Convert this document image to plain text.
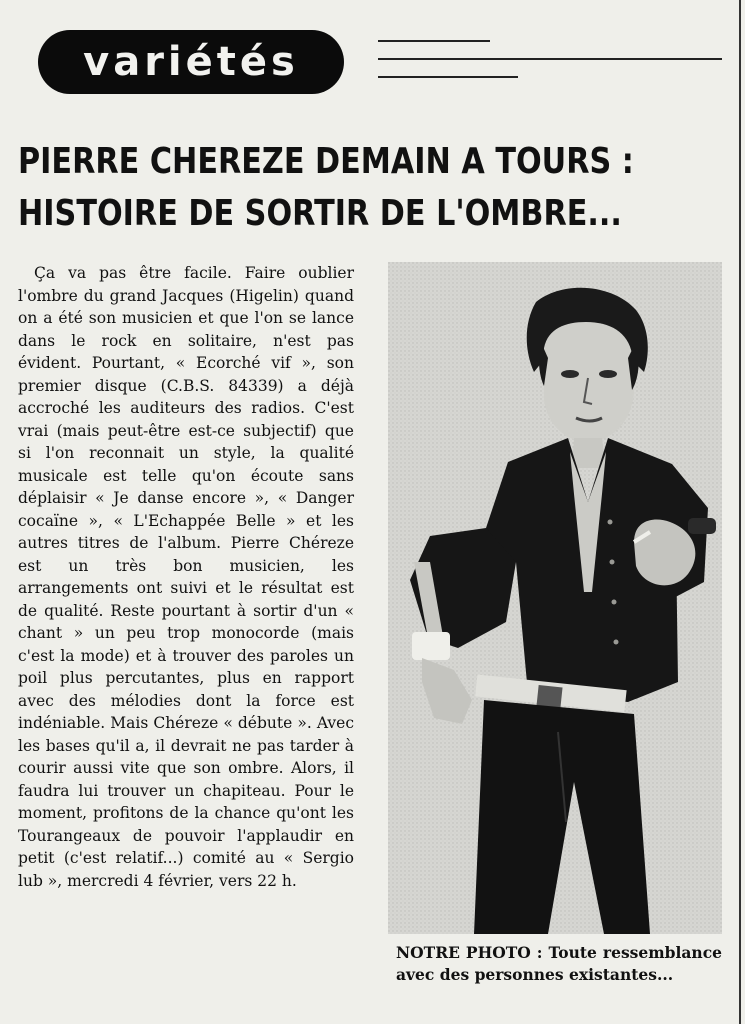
variétés
PIERRE CHEREZE DEMAIN A TOURS :
HISTOIRE DE SORTIR DE L'OMBRE...

Ça va pas être facile. Faire oublier l'ombre du grand Jacques (Higelin) quand on a été son musicien et que l'on se lance dans le rock en solitaire, n'est pas évident. Pourtant, « Ecorché vif », son premier disque (C.B.S. 84339) a déjà accroché les auditeurs des radios. C'est vrai (mais peut-être est-ce subjectif) que si l'on reconnait un style, la qualité musicale est telle qu'on écoute sans déplaisir « Je danse encore », « Danger cocaïne », « L'Echappée Belle » et les autres titres de l'album. Pierre Chéreze est un très bon musicien, les arrangements ont suivi et le résultat est de qualité. Reste pourtant à sortir d'un « chant » un peu trop monocorde (mais c'est la mode) et à trouver des paroles un poil plus percutantes, plus en rapport avec des mélodies dont la force est indéniable. Mais Chéreze « débute ». Avec les bases qu'il a, il devrait ne pas tarder à courir aussi vite que son ombre. Alors, il faudra lui trouver un chapiteau. Pour le moment, profitons de la chance qu'ont les Tourangeaux de pouvoir l'applaudir en petit (c'est relatif...) comité au « Sergio lub », mercredi 4 février, vers 22 h.

NOTRE PHOTO : Toute ressemblance avec des personnes existantes...
